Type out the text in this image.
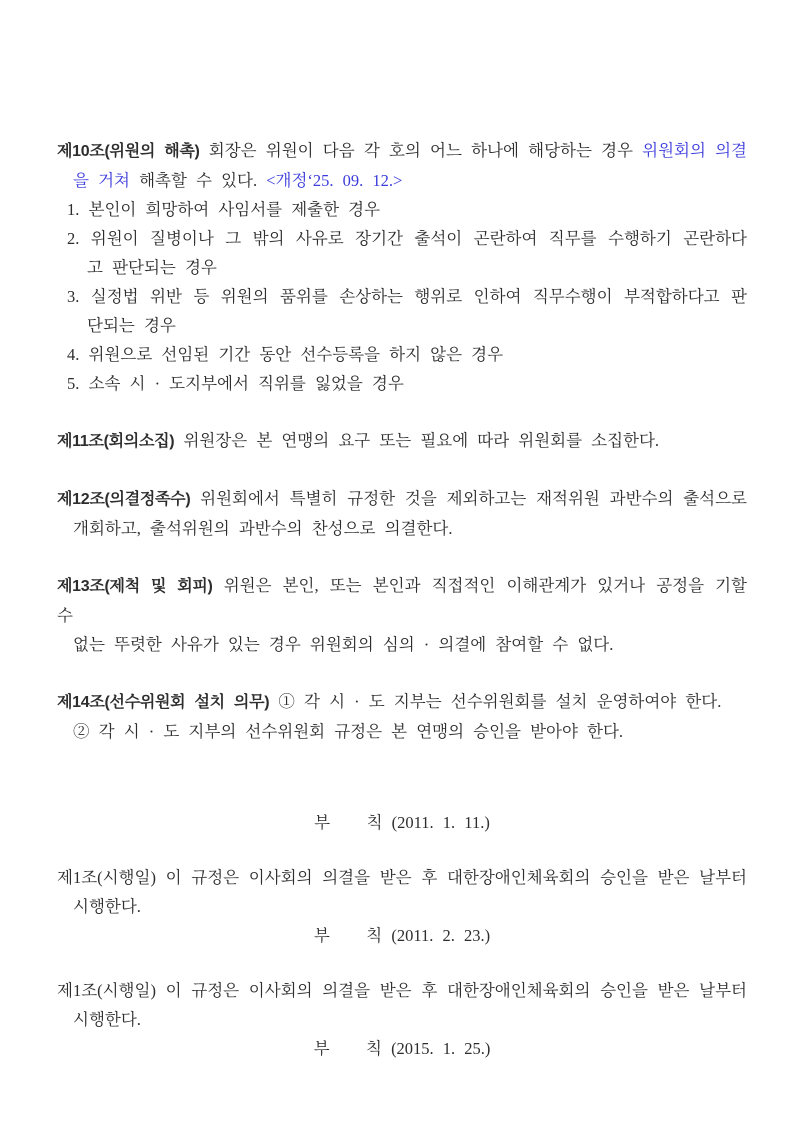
제10조(위원의 해촉) 회장은 위원이 다음 각 호의 어느 하나에 해당하는 경우 위원회의 의결
을 거쳐 해촉할 수 있다. <개정‘25. 09. 12.>
1. 본인이 희망하여 사임서를 제출한 경우
2. 위원이 질병이나 그 밖의 사유로 장기간 출석이 곤란하여 직무를 수행하기 곤란하다
고 판단되는 경우
3. 실정법 위반 등 위원의 품위를 손상하는 행위로 인하여 직무수행이 부적합하다고 판
단되는 경우
4. 위원으로 선임된 기간 동안 선수등록을 하지 않은 경우
5. 소속 시 · 도지부에서 직위를 잃었을 경우
제11조(회의소집) 위원장은 본 연맹의 요구 또는 필요에 따라 위원회를 소집한다.
제12조(의결정족수) 위원회에서 특별히 규정한 것을 제외하고는 재적위원 과반수의 출석으로
개회하고, 출석위원의 과반수의 찬성으로 의결한다.
제13조(제척 및 회피) 위원은 본인, 또는 본인과 직접적인 이해관계가 있거나 공정을 기할 수
없는 뚜렷한 사유가 있는 경우 위원회의 심의 · 의결에 참여할 수 없다.
제14조(선수위원회 설치 의무) ① 각 시 · 도 지부는 선수위원회를 설치 운영하여야 한다.
② 각 시 · 도 지부의 선수위원회 규정은 본 연맹의 승인을 받아야 한다.
부    칙 (2011. 1. 11.)
제1조(시행일) 이 규정은 이사회의 의결을 받은 후 대한장애인체육회의 승인을 받은 날부터
시행한다.
부    칙 (2011. 2. 23.)
제1조(시행일) 이 규정은 이사회의 의결을 받은 후 대한장애인체육회의 승인을 받은 날부터
시행한다.
부    칙 (2015. 1. 25.)
